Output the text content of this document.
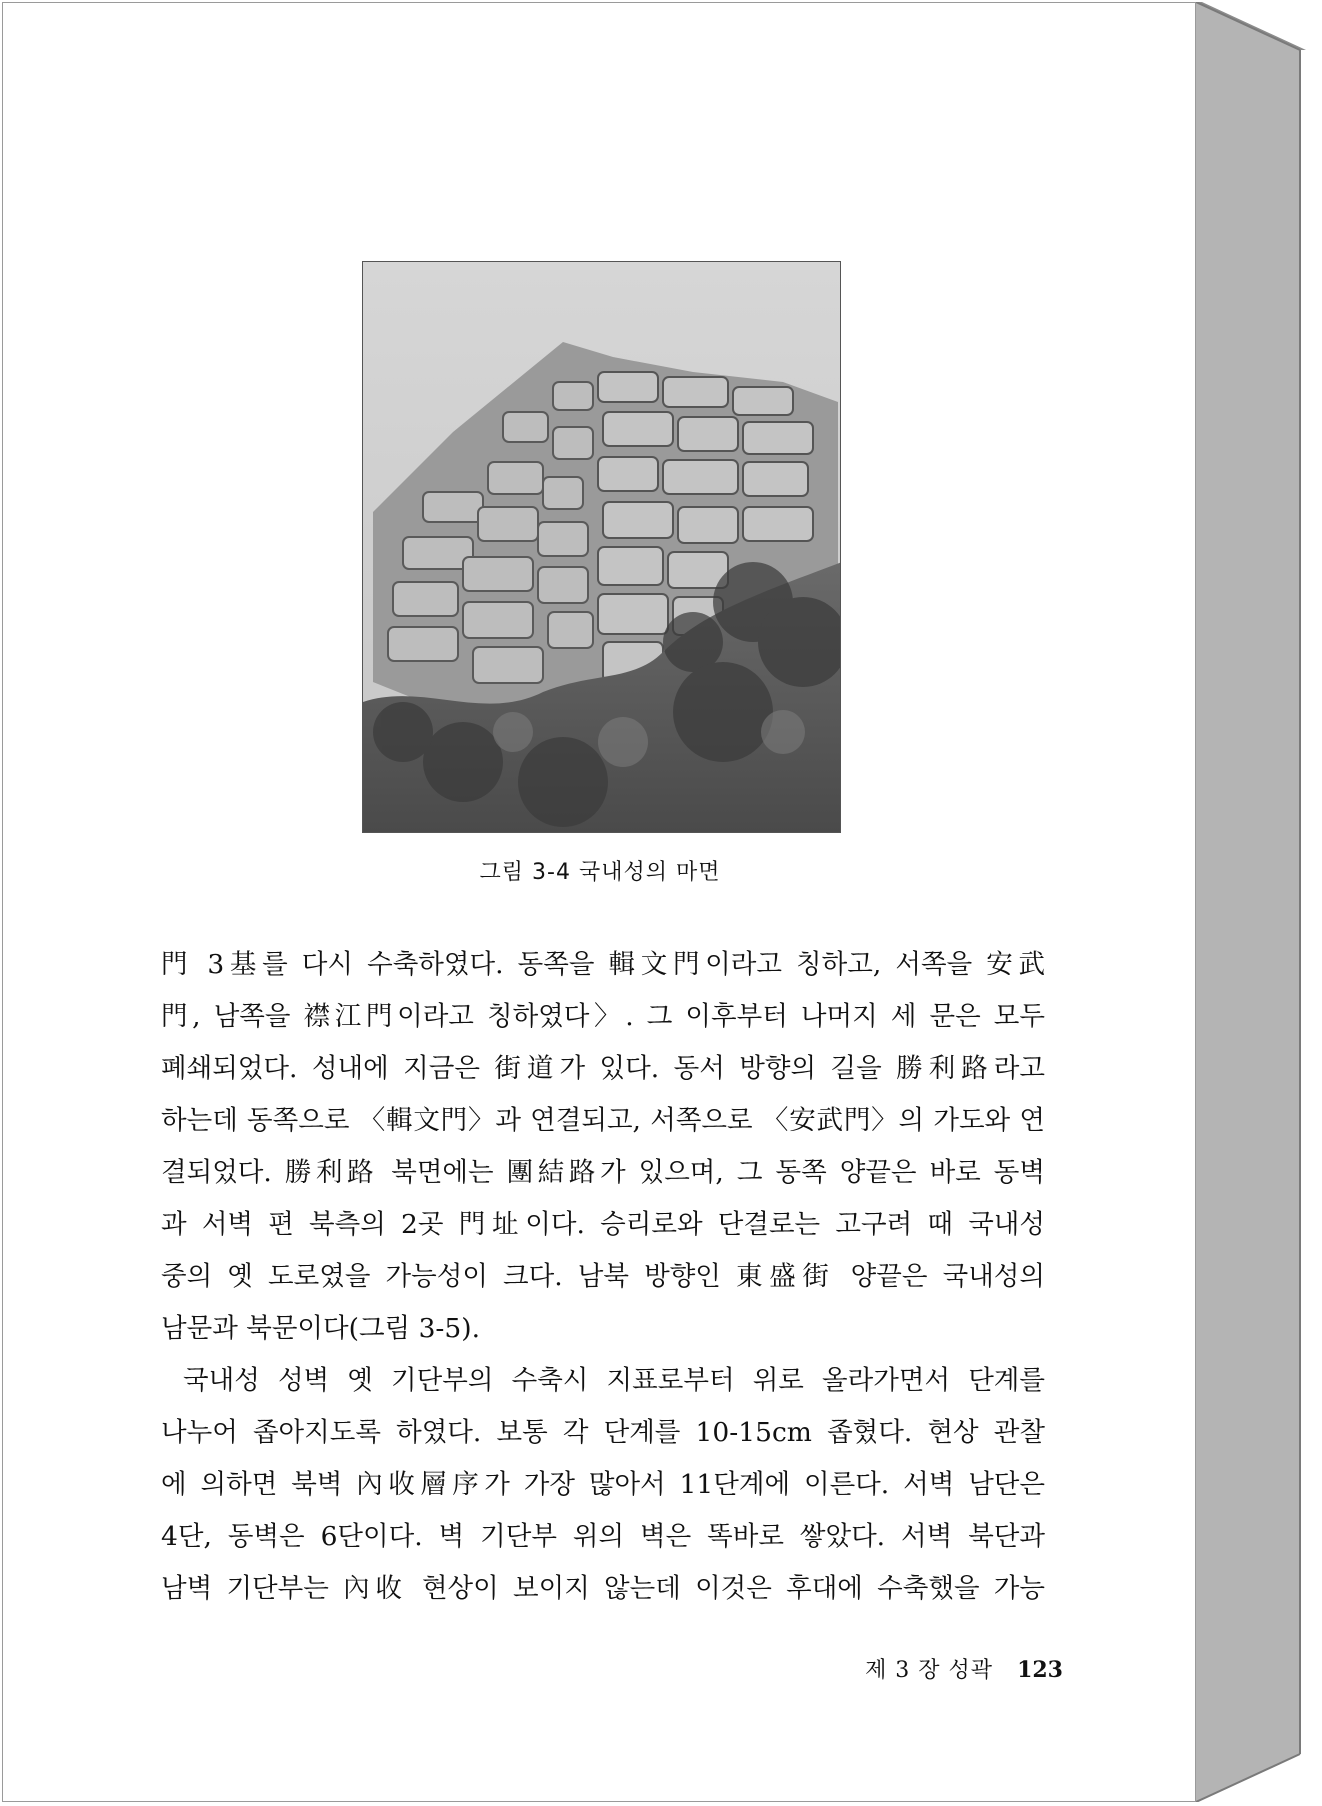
그림 3-4 국내성의 마면
門 3基를 다시 수축하였다. 동쪽을 輯文門이라고 칭하고, 서쪽을 安武
門, 남쪽을 襟江門이라고 칭하였다〉. 그 이후부터 나머지 세 문은 모두
폐쇄되었다. 성내에 지금은 街道가 있다. 동서 방향의 길을 勝利路라고
하는데 동쪽으로 〈輯文門〉과 연결되고, 서쪽으로 〈安武門〉의 가도와 연
결되었다. 勝利路 북면에는 團結路가 있으며, 그 동쪽 양끝은 바로 동벽
과 서벽 편 북측의 2곳 門址이다. 승리로와 단결로는 고구려 때 국내성
중의 옛 도로였을 가능성이 크다. 남북 방향인 東盛街 양끝은 국내성의
남문과 북문이다(그림 3-5).
국내성 성벽 옛 기단부의 수축시 지표로부터 위로 올라가면서 단계를
나누어 좁아지도록 하였다. 보통 각 단계를 10-15cm 좁혔다. 현상 관찰
에 의하면 북벽 內收層序가 가장 많아서 11단계에 이른다. 서벽 남단은
4단, 동벽은 6단이다. 벽 기단부 위의 벽은 똑바로 쌓았다. 서벽 북단과
남벽 기단부는 內收 현상이 보이지 않는데 이것은 후대에 수축했을 가능
제 3 장 성곽 123
